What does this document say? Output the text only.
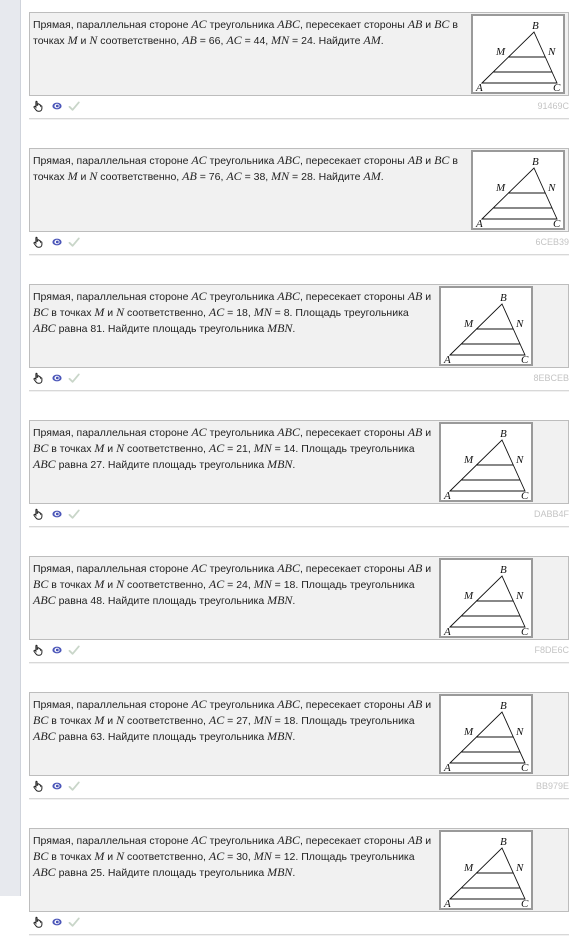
Прямая, параллельная стороне AC треугольника ABC, пересекает стороны AB и BC в
точках M и N соответственно, AB = 66, AC = 44, MN = 24. Найдите AM.
B
M	N
A	C
91469C
Прямая, параллельная стороне AC треугольника ABC, пересекает стороны AB и BC в
точках M и N соответственно, AB = 76, AC = 38, MN = 28. Найдите AM.
B
M	N
A	C
6CEB39
Прямая, параллельная стороне AC треугольника ABC, пересекает стороны AB и
BC в точках M и N соответственно, AC = 18, MN = 8. Площадь треугольника
ABC равна 81. Найдите площадь треугольника MBN.
B
M	N
A	C
8EBCEB
Прямая, параллельная стороне AC треугольника ABC, пересекает стороны AB и
BC в точках M и N соответственно, AC = 21, MN = 14. Площадь треугольника
ABC равна 27. Найдите площадь треугольника MBN.
B
M	N
A	C
DABB4F
Прямая, параллельная стороне AC треугольника ABC, пересекает стороны AB и
BC в точках M и N соответственно, AC = 24, MN = 18. Площадь треугольника
ABC равна 48. Найдите площадь треугольника MBN.
B
M	N
A	C
F8DE6C
Прямая, параллельная стороне AC треугольника ABC, пересекает стороны AB и
BC в точках M и N соответственно, AC = 27, MN = 18. Площадь треугольника
ABC равна 63. Найдите площадь треугольника MBN.
B
M	N
A	C
BB979E
Прямая, параллельная стороне AC треугольника ABC, пересекает стороны AB и
BC в точках M и N соответственно, AC = 30, MN = 12. Площадь треугольника
ABC равна 25. Найдите площадь треугольника MBN.
B
M	N
A	C
